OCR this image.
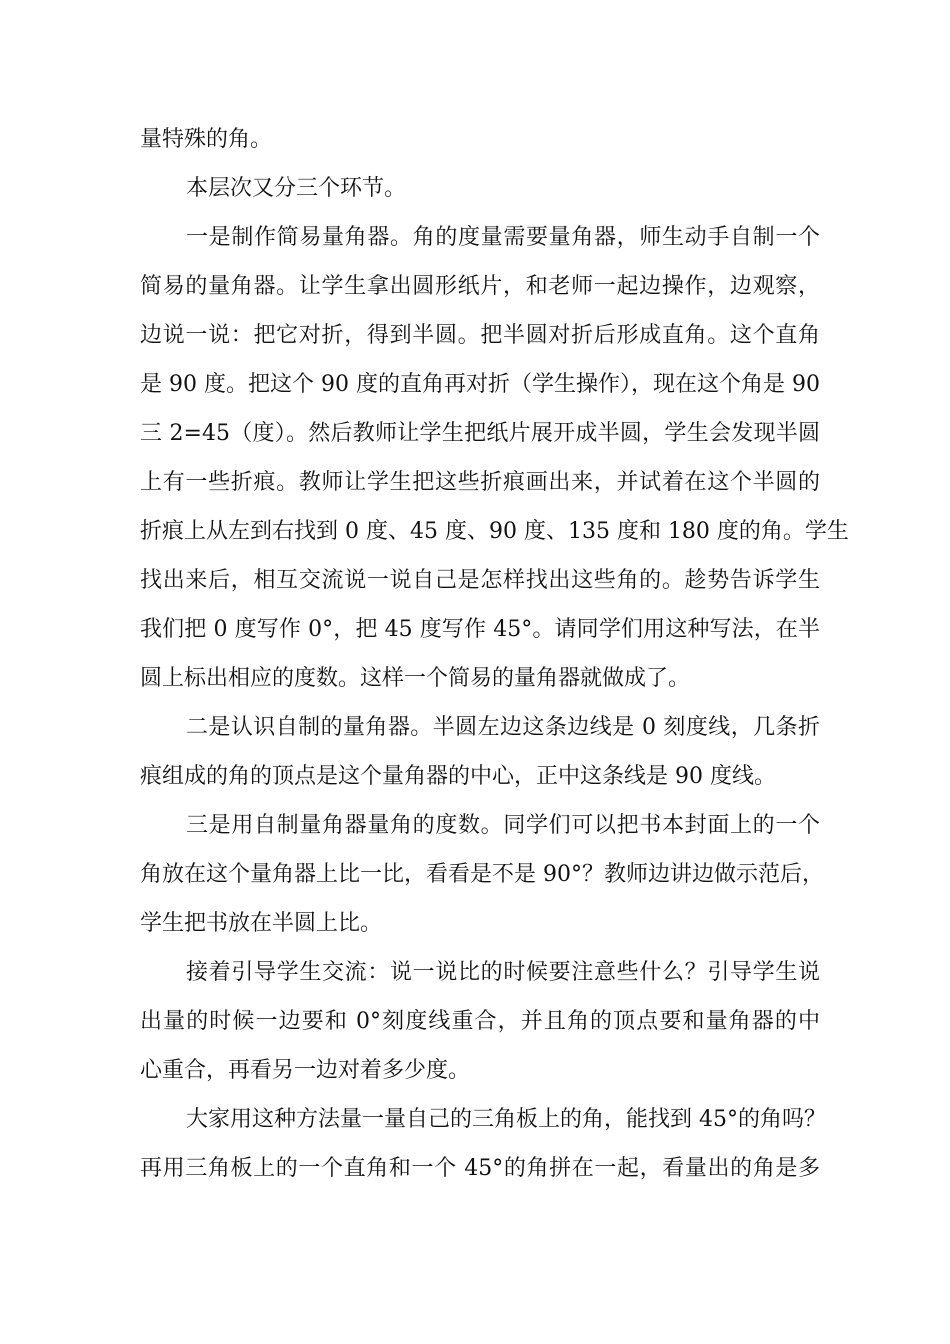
量特殊的角。
本层次又分三个环节。
一是制作简易量角器。角的度量需要量角器，师生动手自制一个
简易的量角器。让学生拿出圆形纸片，和老师一起边操作，边观察，
边说一说：把它对折，得到半圆。把半圆对折后形成直角。这个直角
是 90 度。把这个 90 度的直角再对折（学生操作），现在这个角是 90
三 2=45（度）。然后教师让学生把纸片展开成半圆，学生会发现半圆
上有一些折痕。教师让学生把这些折痕画出来，并试着在这个半圆的
折痕上从左到右找到 0 度、45 度、90 度、135 度和 180 度的角。学生
找出来后，相互交流说一说自己是怎样找出这些角的。趁势告诉学生
我们把 0 度写作 0°，把 45 度写作 45°。请同学们用这种写法，在半
圆上标出相应的度数。这样一个简易的量角器就做成了。
二是认识自制的量角器。半圆左边这条边线是 0 刻度线，几条折
痕组成的角的顶点是这个量角器的中心，正中这条线是 90 度线。
三是用自制量角器量角的度数。同学们可以把书本封面上的一个
角放在这个量角器上比一比，看看是不是 90°？教师边讲边做示范后，
学生把书放在半圆上比。
接着引导学生交流：说一说比的时候要注意些什么？引导学生说
出量的时候一边要和 0°刻度线重合，并且角的顶点要和量角器的中
心重合，再看另一边对着多少度。
大家用这种方法量一量自己的三角板上的角，能找到 45°的角吗？
再用三角板上的一个直角和一个 45°的角拼在一起，看量出的角是多
